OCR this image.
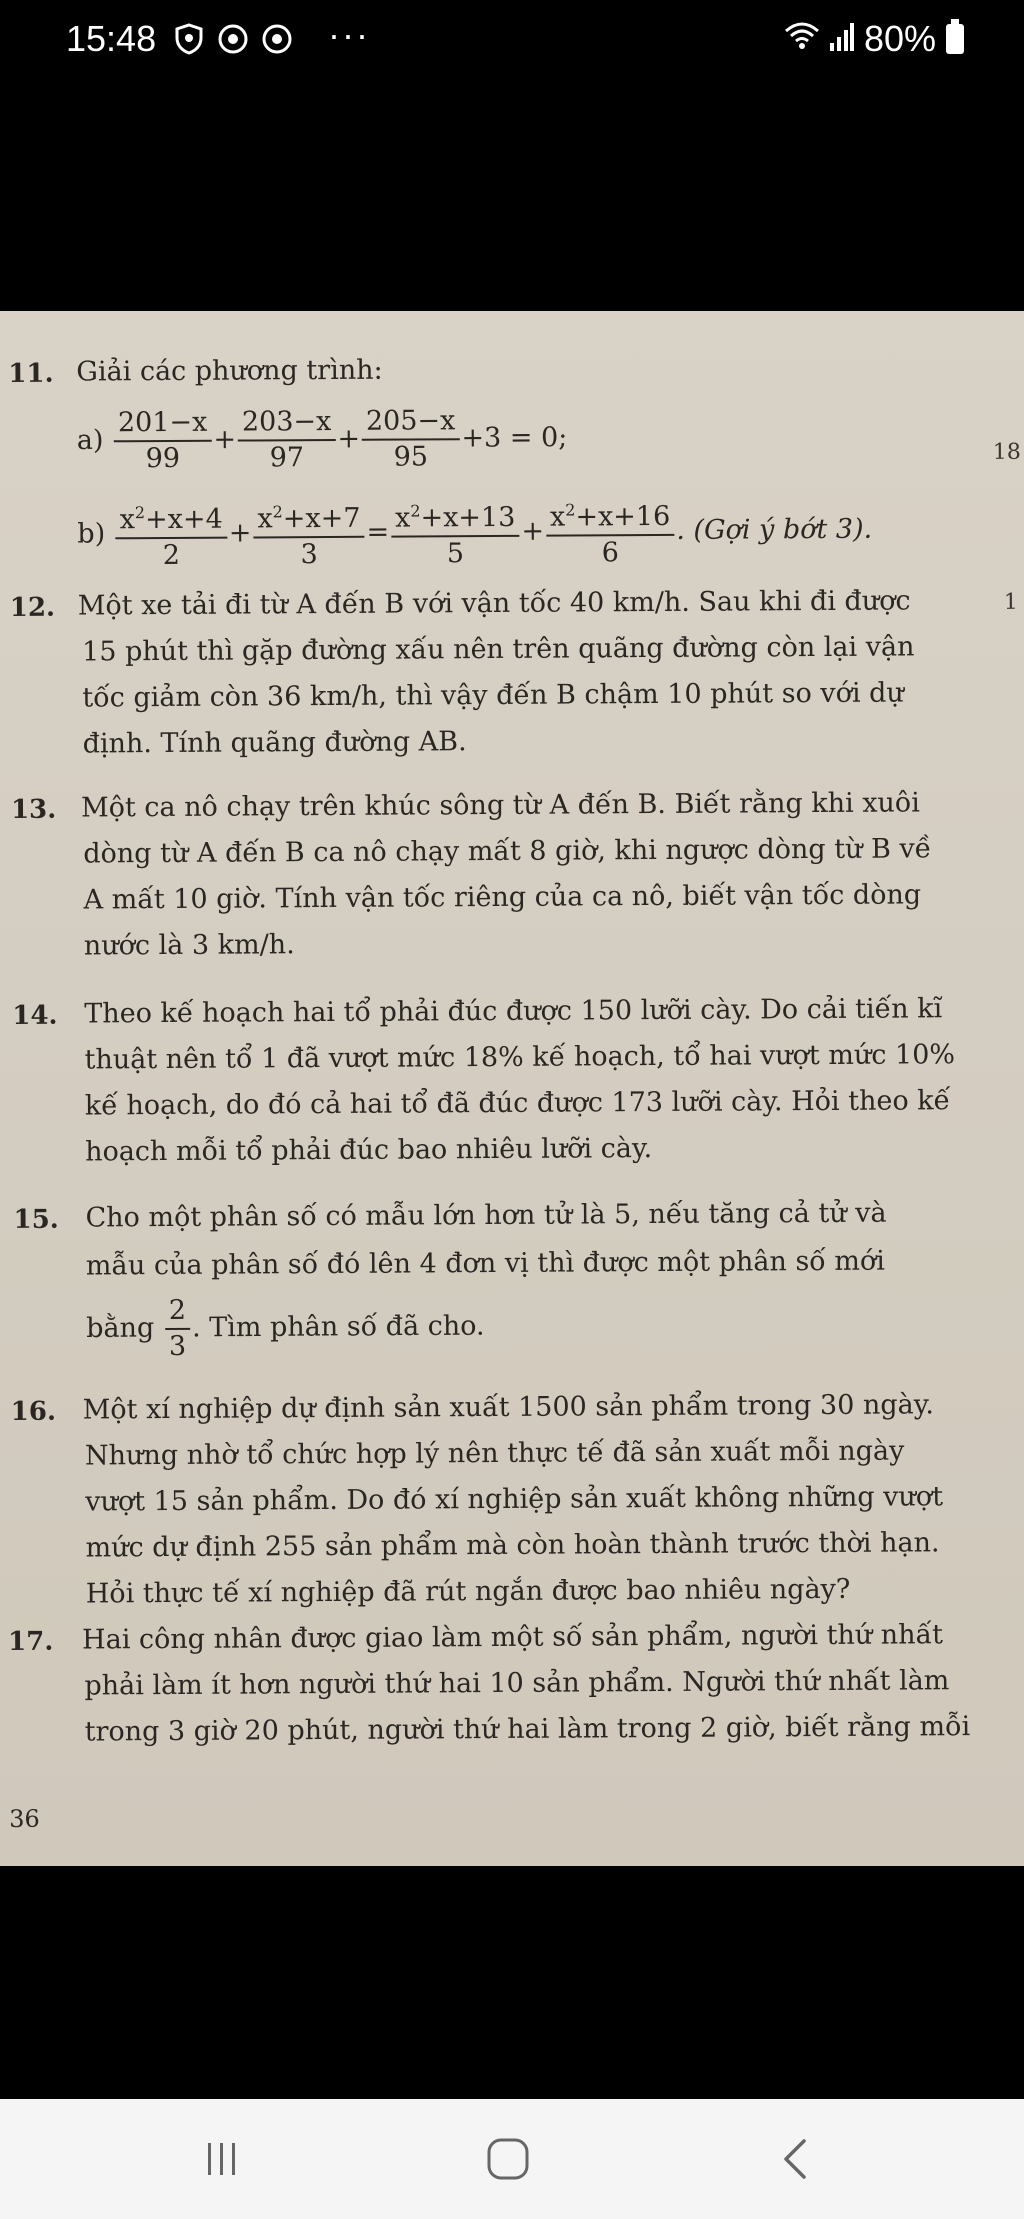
15:48	···	80%
18
1
11. Giải các phương trình:
$a) \frac{201-x}{99} + \frac{203-x}{97} + \frac{205-x}{95} +3 = 0$;
$b) \frac{x^2+x+4}{2} + \frac{x^2+x+7}{3} = \frac{x^2+x+13}{5} + \frac{x^2+x+16}{6}$ . (Gợi ý bớt 3).
12. Một xe tải đi từ A đến B với vận tốc 40 km/h. Sau khi đi được
15 phút thì gặp đường xấu nên trên quãng đường còn lại vận
tốc giảm còn 36 km/h, thì vậy đến B chậm 10 phút so với dự
định. Tính quãng đường AB.
13. Một ca nô chạy trên khúc sông từ A đến B. Biết rằng khi xuôi
dòng từ A đến B ca nô chạy mất 8 giờ, khi ngược dòng từ B về
A mất 10 giờ. Tính vận tốc riêng của ca nô, biết vận tốc dòng
nước là 3 km/h.
14. Theo kế hoạch hai tổ phải đúc được 150 lưỡi cày. Do cải tiến kĩ
thuật nên tổ 1 đã vượt mức 18% kế hoạch, tổ hai vượt mức 10%
kế hoạch, do đó cả hai tổ đã đúc được 173 lưỡi cày. Hỏi theo kế
hoạch mỗi tổ phải đúc bao nhiêu lưỡi cày.
15. Cho một phân số có mẫu lớn hơn tử là 5, nếu tăng cả tử và
mẫu của phân số đó lên 4 đơn vị thì được một phân số mới
bằng $\frac{2}{3}$ . Tìm phân số đã cho.
16. Một xí nghiệp dự định sản xuất 1500 sản phẩm trong 30 ngày.
Nhưng nhờ tổ chức hợp lý nên thực tế đã sản xuất mỗi ngày
vượt 15 sản phẩm. Do đó xí nghiệp sản xuất không những vượt
mức dự định 255 sản phẩm mà còn hoàn thành trước thời hạn.
Hỏi thực tế xí nghiệp đã rút ngắn được bao nhiêu ngày?
17. Hai công nhân được giao làm một số sản phẩm, người thứ nhất
phải làm ít hơn người thứ hai 10 sản phẩm. Người thứ nhất làm
trong 3 giờ 20 phút, người thứ hai làm trong 2 giờ, biết rằng mỗi
36
